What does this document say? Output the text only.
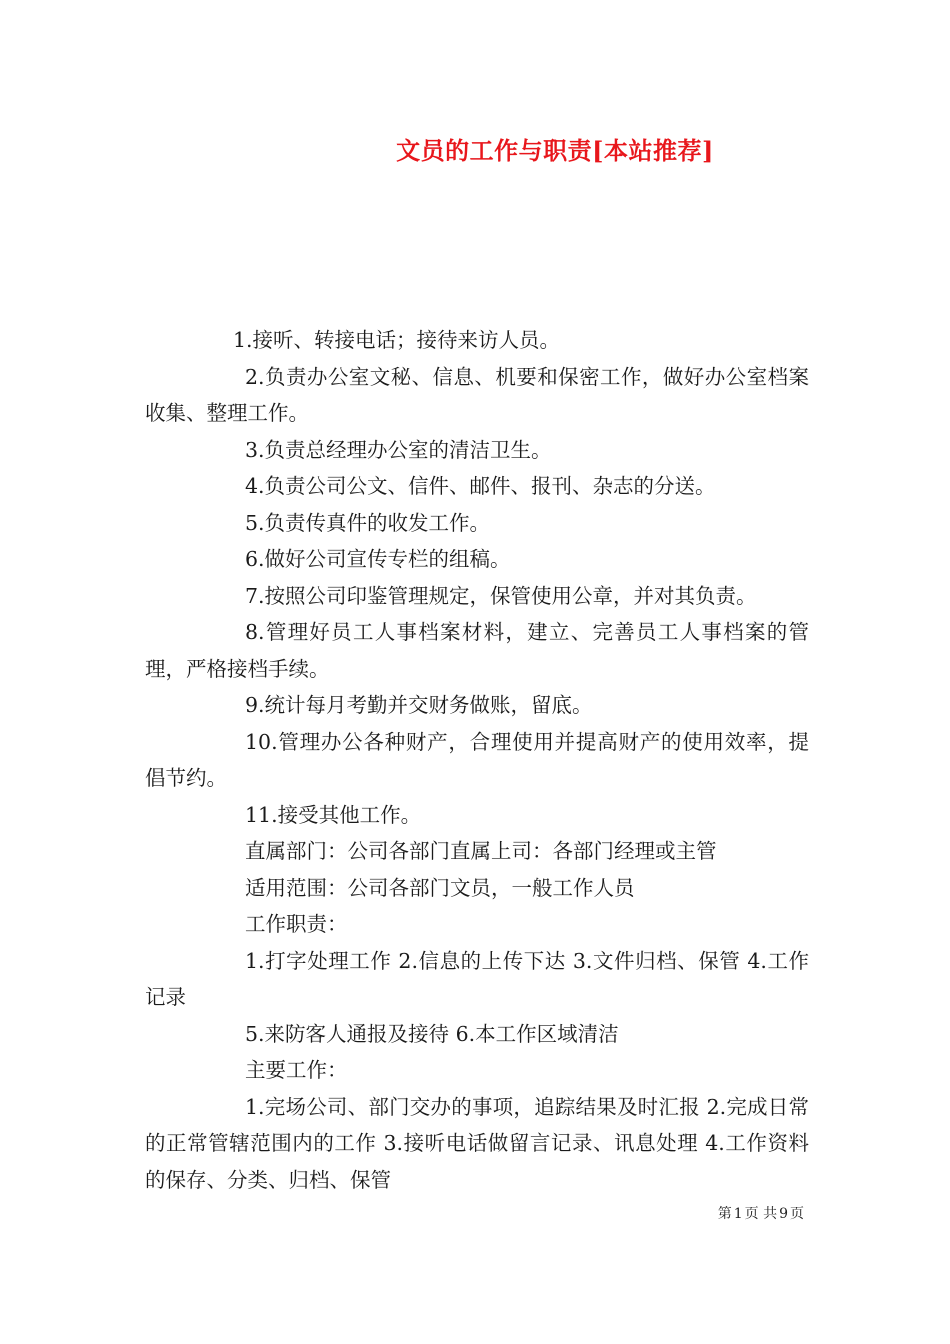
文员的工作与职责[本站推荐]

1.接听、转接电话；接待来访人员。

2.负责办公室文秘、信息、机要和保密工作，做好办公室档案收集、整理工作。

3.负责总经理办公室的清洁卫生。

4.负责公司公文、信件、邮件、报刊、杂志的分送。

5.负责传真件的收发工作。

6.做好公司宣传专栏的组稿。

7.按照公司印鉴管理规定，保管使用公章，并对其负责。

8.管理好员工人事档案材料，建立、完善员工人事档案的管理，严格接档手续。

9.统计每月考勤并交财务做账，留底。

10.管理办公各种财产，合理使用并提高财产的使用效率，提倡节约。

11.接受其他工作。

直属部门：公司各部门直属上司：各部门经理或主管

适用范围：公司各部门文员，一般工作人员

工作职责：

1.打字处理工作 2.信息的上传下达 3.文件归档、保管 4.工作记录

5.来防客人通报及接待 6.本工作区域清洁

主要工作：

1.完场公司、部门交办的事项，追踪结果及时汇报 2.完成日常的正常管辖范围内的工作 3.接听电话做留言记录、讯息处理 4.工作资料的保存、分类、归档、保管

第 1 页 共 9 页
